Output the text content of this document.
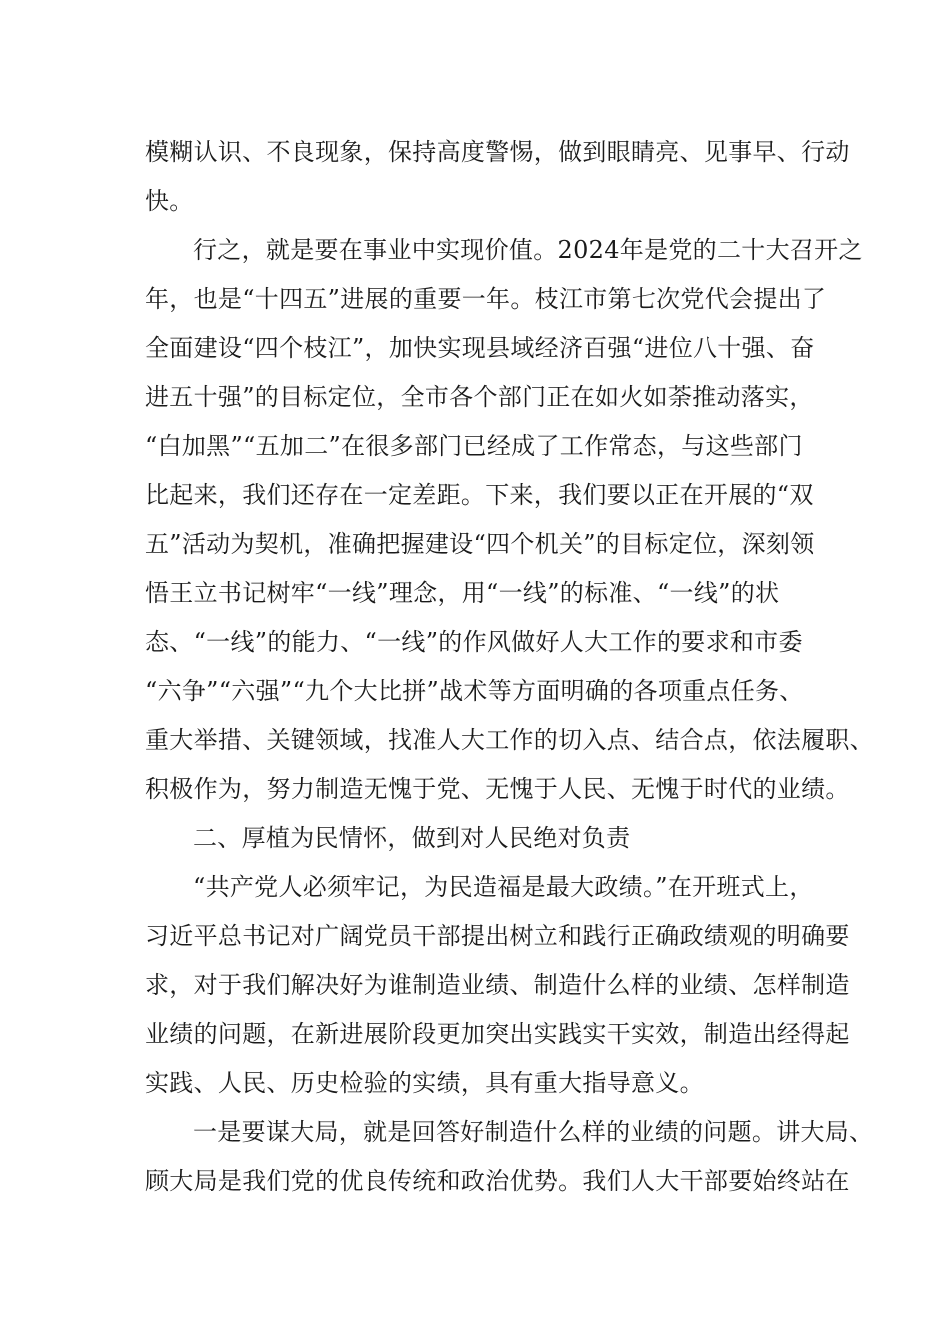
模糊认识、不良现象，保持高度警惕，做到眼睛亮、见事早、行动
快。
行之，就是要在事业中实现价值。2024年是党的二十大召开之
年，也是“十四五”进展的重要一年。枝江市第七次党代会提出了
全面建设“四个枝江”，加快实现县域经济百强“进位八十强、奋
进五十强”的目标定位，全市各个部门正在如火如荼推动落实，
“白加黑”“五加二”在很多部门已经成了工作常态，与这些部门
比起来，我们还存在一定差距。下来，我们要以正在开展的“双
五”活动为契机，准确把握建设“四个机关”的目标定位，深刻领
悟王立书记树牢“一线”理念，用“一线”的标准、“一线”的状
态、“一线”的能力、“一线”的作风做好人大工作的要求和市委
“六争”“六强”“九个大比拼”战术等方面明确的各项重点任务、
重大举措、关键领域，找准人大工作的切入点、结合点，依法履职、
积极作为，努力制造无愧于党、无愧于人民、无愧于时代的业绩。
二、厚植为民情怀，做到对人民绝对负责
“共产党人必须牢记，为民造福是最大政绩。”在开班式上，
习近平总书记对广阔党员干部提出树立和践行正确政绩观的明确要
求，对于我们解决好为谁制造业绩、制造什么样的业绩、怎样制造
业绩的问题，在新进展阶段更加突出实践实干实效，制造出经得起
实践、人民、历史检验的实绩，具有重大指导意义。
一是要谋大局，就是回答好制造什么样的业绩的问题。讲大局、
顾大局是我们党的优良传统和政治优势。我们人大干部要始终站在
